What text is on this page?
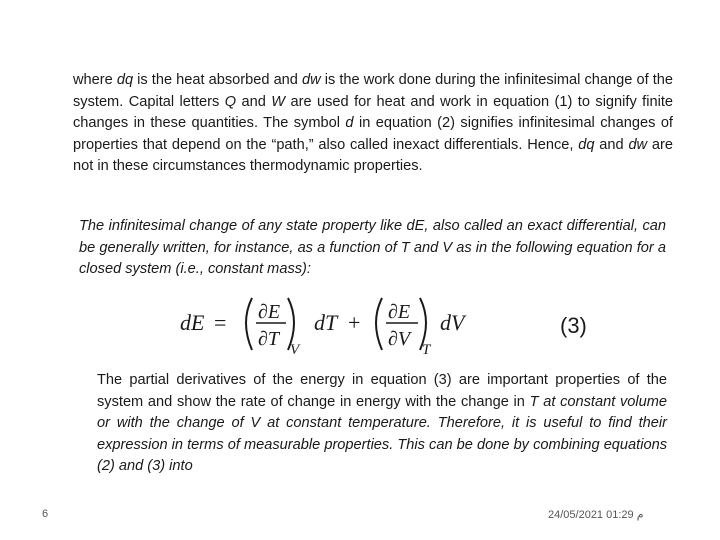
where dq is the heat absorbed and dw is the work done during the infinitesimal change of the system. Capital letters Q and W are used for heat and work in equation (1) to signify finite changes in these quantities. The symbol d in equation (2) signifies infinitesimal changes of properties that depend on the “path,” also called inexact differentials. Hence, dq and dw are not in these circumstances thermodynamic properties.

The infinitesimal change of any state property like dЕ, also called an exact differential, can be generally written, for instance, as a function of T and V as in the following equation for a closed system (i.e., constant mass):

dE = ∂E
∂T V
dT + ∂E
∂V T
dV	(3)

The partial derivatives of the energy in equation (3) are important properties of the system and show the rate of change in energy with the change in T at constant volume or with the change of V at constant temperature. Therefore, it is useful to find their expression in terms of measurable properties. This can be done by combining equations (2) and (3) into

6	م 01:29 24/05/2021
